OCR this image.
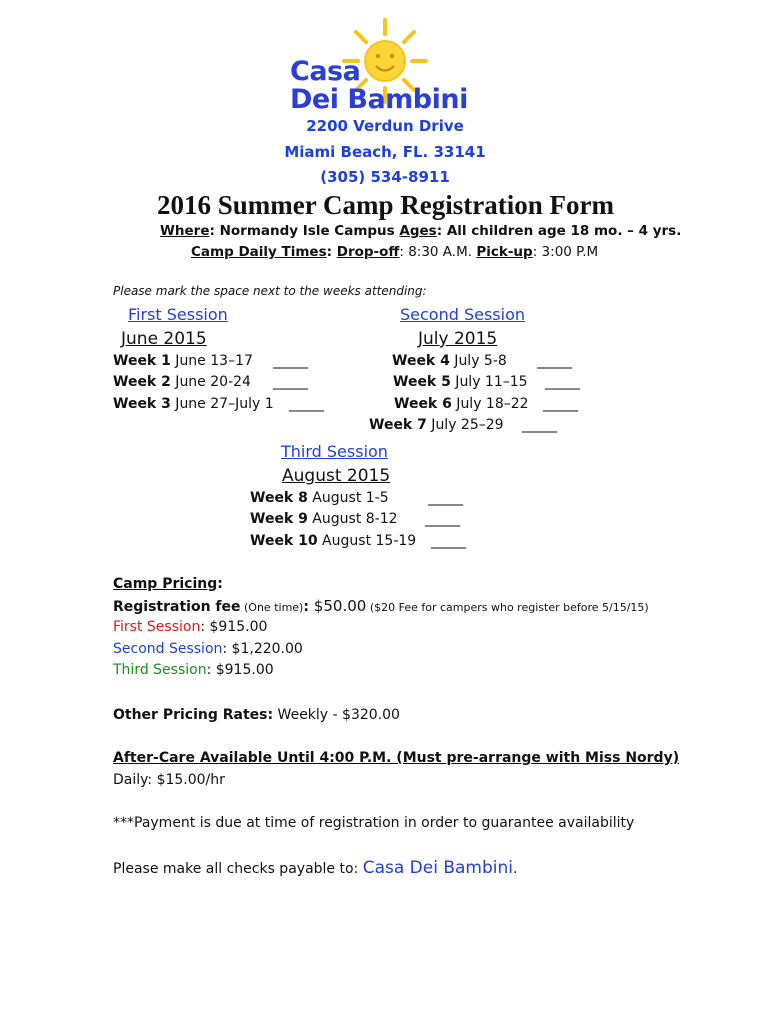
Casa
Dei Bambini
2200 Verdun Drive
Miami Beach, FL. 33141
(305) 534-8911
2016 Summer Camp Registration Form
Where: Normandy Isle Campus Ages: All children age 18 mo. – 4 yrs.
Camp Daily Times: Drop-off: 8:30 A.M. Pick-up: 3:00 P.M
Please mark the space next to the weeks attending:
First Session
June 2015
Week 1 June 13–17 _____
Week 2 June 20-24 _____
Week 3 June 27–July 1 _____
Second Session
July 2015
Week 4 July 5-8 _____
Week 5 July 11–15 _____
Week 6 July 18–22 _____
Week 7 July 25–29 _____
Third Session
August 2015
Week 8 August 1-5	_____
Week 9 August 8-12 _____
Week 10 August 15-19 _____
Camp Pricing:
Registration fee (One time): $50.00 ($20 Fee for campers who register before 5/15/15)
First Session: $915.00
Second Session: $1,220.00
Third Session: $915.00
Other Pricing Rates: Weekly - $320.00
After-Care Available Until 4:00 P.M. (Must pre-arrange with Miss Nordy)
Daily: $15.00/hr
***Payment is due at time of registration in order to guarantee availability
Please make all checks payable to: Casa Dei Bambini.
